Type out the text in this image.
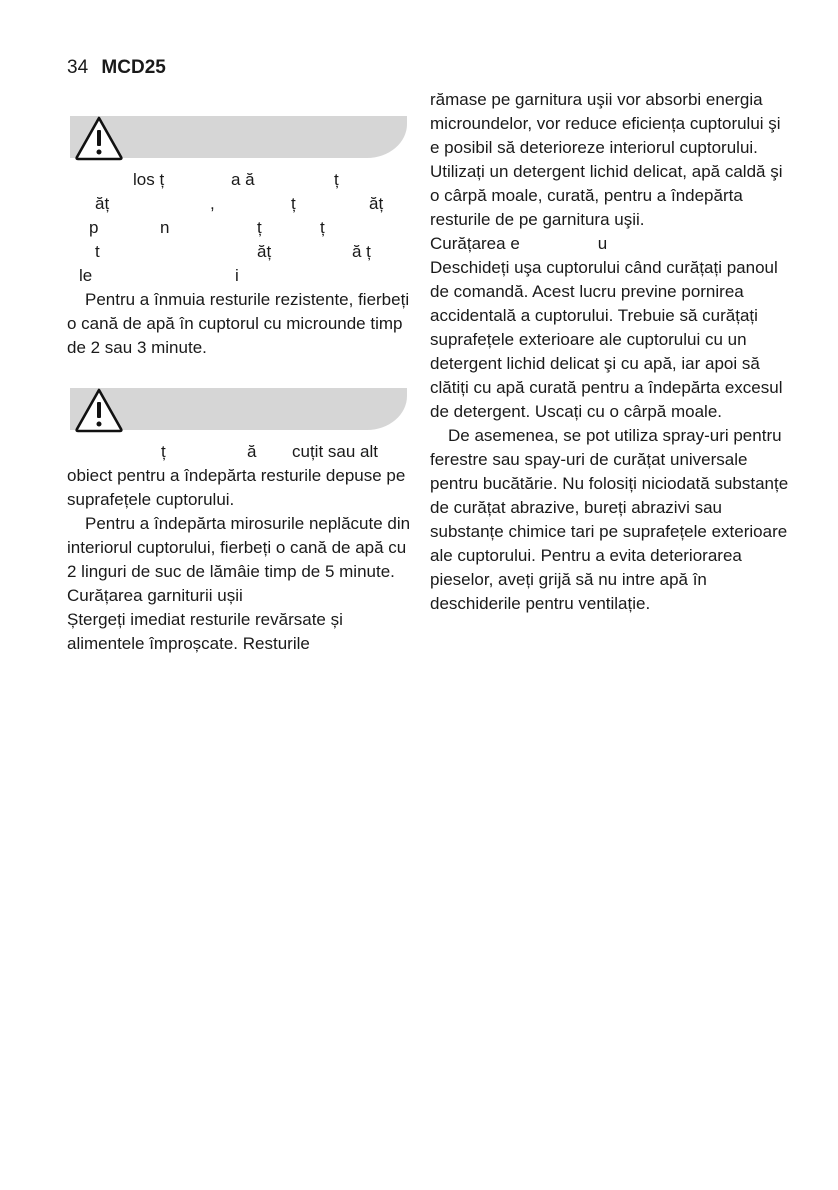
34 MCD25
los ț	a ă	ț
ăț	,	ț	ăț
p	n	ț	ț
t	ăț	ă ț
le	i

Pentru a înmuia resturile rezistente, fierbeți o cană de apă în cuptorul cu microunde timp de 2 sau 3 minute.

ț	ă cuțit sau alt

obiect pentru a îndepărta resturile depuse pe suprafețele cuptorului.

Pentru a îndepărta mirosurile neplăcute din interiorul cuptorului, fierbeți o cană de apă cu 2 linguri de suc de lămâie timp de 5 minute.

Curățarea garniturii ușii

Ștergeți imediat resturile revărsate și alimentele împroșcate. Resturile

rămase pe garnitura uşii vor absorbi energia microundelor, vor reduce eficiența cuptorului şi e posibil să deterioreze interiorul cuptorului. Utilizați un detergent lichid delicat, apă caldă şi o cârpă moale, curată, pentru a îndepărta resturile de pe garnitura uşii.

Curățarea e	u

Deschideți uşa cuptorului când curățați panoul de comandă. Acest lucru previne pornirea accidentală a cuptorului. Trebuie să curățați suprafețele exterioare ale cuptorului cu un detergent lichid delicat şi cu apă, iar apoi să clătiți cu apă curată pentru a îndepărta excesul de detergent. Uscați cu o cârpă moale.

De asemenea, se pot utiliza spray-uri pentru ferestre sau spay-uri de curățat universale pentru bucătărie. Nu folosiți niciodată substanțe de curățat abrazive, bureți abrazivi sau substanțe chimice tari pe suprafețele exterioare ale cuptorului. Pentru a evita deteriorarea pieselor, aveți grijă să nu intre apă în deschiderile pentru ventilație.
